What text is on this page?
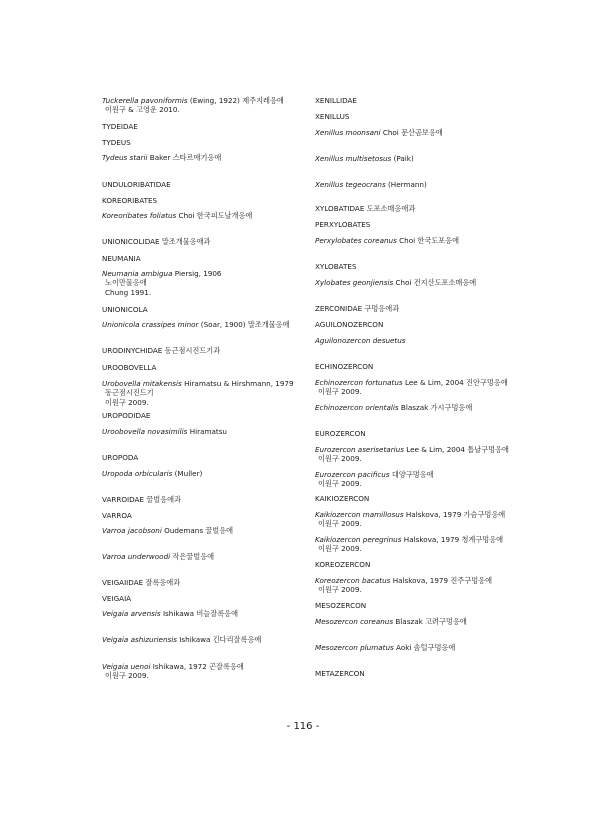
Tuckerella pavoniformis (Ewing, 1922) 제주지레응애
이원구 & 고영운 2010.
TYDEIDAE
TYDEUS
Tydeus starii Baker 스타르애기응애
UNDULORIBATIDAE
KOREORIBATES
Koreoribates foliatus Choi 한국피도날개응애
UNIONICOLIDAE 말조개물응애과
NEUMANIA
Neumania ambigua Piersig, 1906
노이만물응애
Chung 1991.
UNIONICOLA
Unionicola crassipes minor (Soar, 1900) 말조개물응애
URODINYCHIDAE 동근점시진드기과
UROOBOVELLA
Urobovella mitakensis Hiramatsu & Hirshmann, 1979
동근점시진드기
이원구 2009.
UROPODIDAE
Uroobovella novasimilis Hiramatsu
UROPODA
Uropoda orbicularis (Muller)
VARROIDAE 꿀벌응애과
VARROA
Varroa jacobsoni Oudemans 꿀벌응애
Varroa underwoodi 작은꿀벌응애
VEIGAIIDAE 잘록응애과
VEIGAIA
Veigaia arvensis Ishikawa 비늘잘록응애
Veigaia ashizuriensis Ishikawa 긴다리잘록응애
Veigaia uenoi Ishikawa, 1972 곤잘록응애
이원구 2009.
XENILLIDAE
XENILLUS
Xenillus moonsani Choi 문산곰보응애
Xenillus multisetosus (Paik)
Xenillus tegeocrans (Hermann)
XYLOBATIDAE 도포소매응애과
PERXYLOBATES
Perxylobates coreanus Choi 한국도포응애
XYLOBATES
Xylobates geonjiensis Choi 건지산도포소매응애
ZERCONIDAE 구멍응애과
AGUILONOZERCON
Aguilonozercon desuetus
ECHINOZERCON
Echinozercon fortunatus Lee & Lim, 2004 진안구멍응애
이원구 2009.
Echinozercon orientalis Blaszak 가시구멍응애
EUROZERCON
Eurozercon aserisetarius Lee & Lim, 2004 톱날구멍응애
이원구 2009.
Eurozercon pacificus 대양구멍응애
이원구 2009.
KAIKIOZERCON
Kaikiozercon mamillosus Halskova, 1979 가슴구멍응애
이원구 2009.
Kaikiozercon peregrinus Halskova, 1979 청계구멍응애
이원구 2009.
KOREOZERCON
Koreozercon bacatus Halskova, 1979 진주구멍응애
이원구 2009.
MESOZERCON
Mesozercon coreanus Blaszak 고려구멍응애
Mesozercon plumatus Aoki 솜털구멍응애
METAZERCON
- 116 -
